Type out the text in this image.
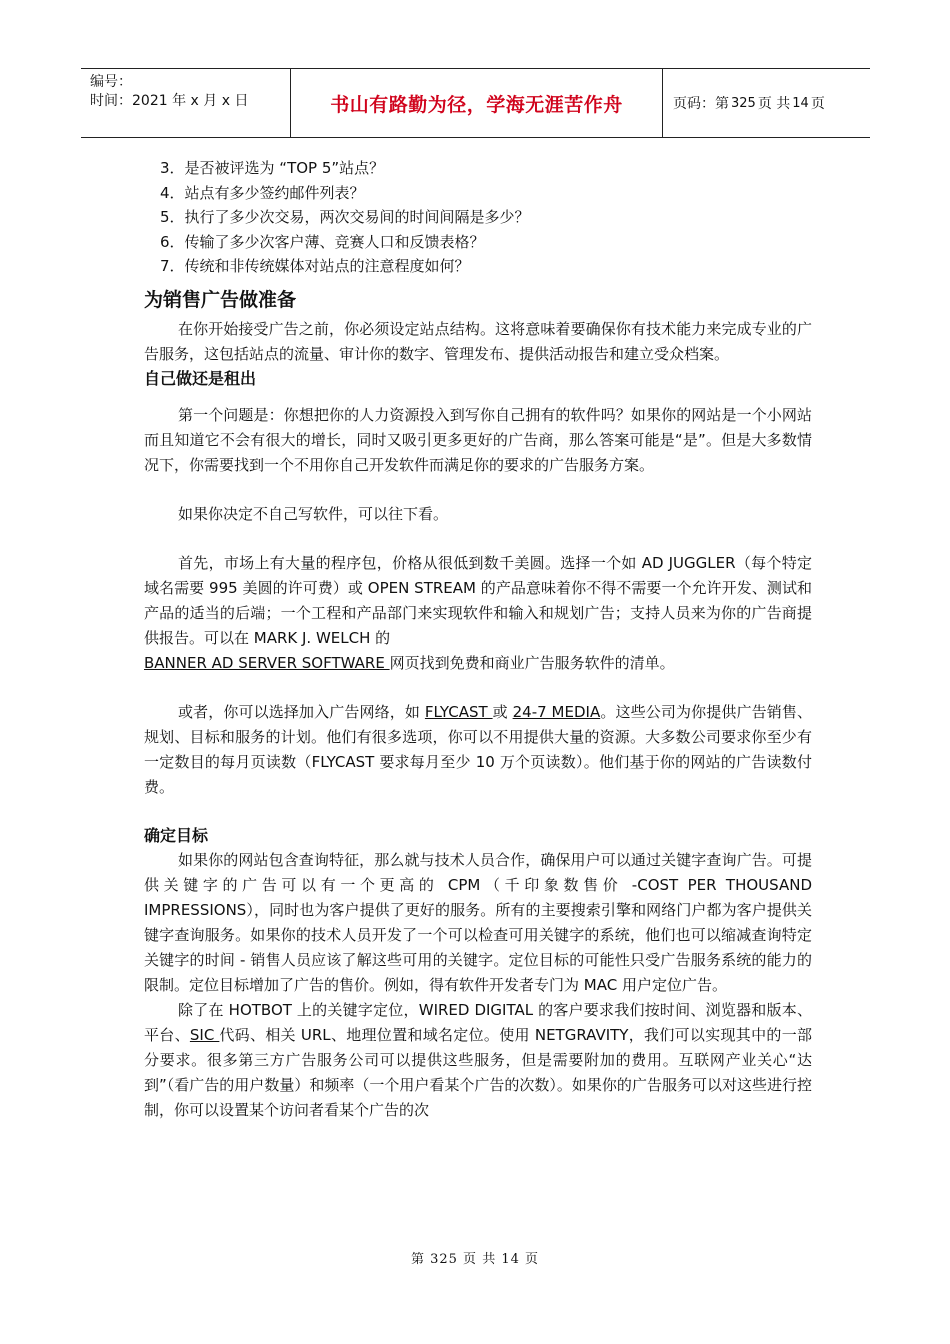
编号：
时间：2021 年 x 月 x 日	书山有路勤为径，学海无涯苦作舟	页码：第 325 页 共 14 页
3．是否被评选为 “TOP 5”站点？
4．站点有多少签约邮件列表？
5．执行了多少次交易，两次交易间的时间间隔是多少？
6．传输了多少次客户薄、竞赛人口和反馈表格？
7．传统和非传统媒体对站点的注意程度如何？
为销售广告做准备

在你开始接受广告之前，你必须设定站点结构。这将意味着要确保你有技术能力来完成专业的广告服务，这包括站点的流量、审计你的数字、管理发布、提供活动报告和建立受众档案。

自己做还是租出

第一个问题是：你想把你的人力资源投入到写你自己拥有的软件吗？如果你的网站是一个小网站而且知道它不会有很大的增长，同时又吸引更多更好的广告商，那么答案可能是“是”。但是大多数情况下，你需要找到一个不用你自己开发软件而满足你的要求的广告服务方案。

如果你决定不自己写软件，可以往下看。

首先，市场上有大量的程序包，价格从很低到数千美圆。选择一个如 AD JUGGLER（每个特定域名需要 995 美圆的许可费）或 OPEN STREAM 的产品意味着你不得不需要一个允许开发、测试和产品的适当的后端；一个工程和产品部门来实现软件和输入和规划广告；支持人员来为你的广告商提供报告。可以在 MARK J. WELCH 的
BANNER AD SERVER SOFTWARE 网页找到免费和商业广告服务软件的清单。

或者，你可以选择加入广告网络，如 FLYCAST 或 24-7 MEDIA。这些公司为你提供广告销售、规划、目标和服务的计划。他们有很多选项，你可以不用提供大量的资源。大多数公司要求你至少有一定数目的每月页读数（FLYCAST 要求每月至少 10 万个页读数）。他们基于你的网站的广告读数付费。

确定目标

如果你的网站包含查询特征，那么就与技术人员合作，确保用户可以通过关键字查询广告。可提供关键字的广告可以有一个更高的 CPM（千印象数售价 -COST PER THOUSAND IMPRESSIONS），同时也为客户提供了更好的服务。所有的主要搜索引擎和网络门户都为客户提供关键字查询服务。如果你的技术人员开发了一个可以检查可用关键字的系统，他们也可以缩减查询特定关键字的时间 - 销售人员应该了解这些可用的关键字。定位目标的可能性只受广告服务系统的能力的限制。定位目标增加了广告的售价。例如，得有软件开发者专门为 MAC 用户定位广告。

除了在 HOTBOT 上的关键字定位，WIRED DIGITAL 的客户要求我们按时间、浏览器和版本、平台、SIC 代码、相关 URL、地理位置和域名定位。使用 NETGRAVITY，我们可以实现其中的一部分要求。很多第三方广告服务公司可以提供这些服务，但是需要附加的费用。互联网产业关心“达到”（看广告的用户数量）和频率（一个用户看某个广告的次数）。如果你的广告服务可以对这些进行控制，你可以设置某个访问者看某个广告的次

第 325 页 共 14 页
